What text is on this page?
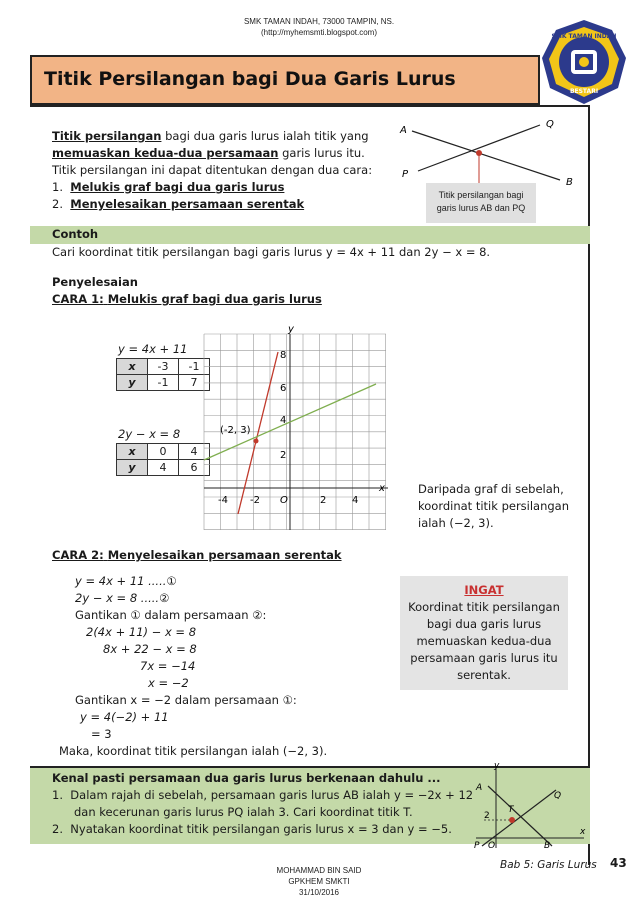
SMK TAMAN INDAH, 73000 TAMPIN, NS.
(http://myhemsmti.blogspot.com)	SMK TAMAN INDAH
BESTARI
Titik Persilangan bagi Dua Garis Lurus
Titik persilangan bagi dua garis lurus ialah titik yang
memuaskan kedua-dua persamaan garis lurus itu.
Titik persilangan ini dapat ditentukan dengan dua cara:
1. Melukis graf bagi dua garis lurus
2. Menyelesaikan persamaan serentak
A
Q
P
B
Titik persilangan bagi
garis lurus AB dan PQ
Contoh
Cari koordinat titik persilangan bagi garis lurus y = 4x + 11 dan 2y − x = 8.
Penyelesaian
CARA 1: Melukis graf bagi dua garis lurus
y = 4x + 11
x	-3	-1
y	-1	7
2y − x = 8
x	0	4
y	4	6
y
x
-4 -2 O	2	4
8
6
4
2
(-2, 3)
Daripada graf di sebelah,
koordinat titik persilangan
ialah (−2, 3).
CARA 2: Menyelesaikan persamaan serentak
y = 4x + 11 .....①
2y − x = 8 .....②
Gantikan ① dalam persamaan ②:
2(4x + 11) − x = 8
8x + 22 − x = 8
7x = −14
x = −2
Gantikan x = −2 dalam persamaan ①:
y = 4(−2) + 11
= 3
Maka, koordinat titik persilangan ialah (−2, 3).
INGAT
Koordinat titik persilangan
bagi dua garis lurus
memuaskan kedua-dua
persamaan garis lurus itu
serentak.
Kenal pasti persamaan dua garis lurus berkenaan dahulu ...
1. Dalam rajah di sebelah, persamaan garis lurus AB ialah y = −2x + 12
dan kecerunan garis lurus PQ ialah 3. Cari koordinat titik T.
2. Nyatakan koordinat titik persilangan garis lurus x = 3 dan y = −5.
y
A
Q
T
2
P O	B
x
Bab 5: Garis Lurus 43
MOHAMMAD BIN SAID
GPKHEM SMKTI
31/10/2016
